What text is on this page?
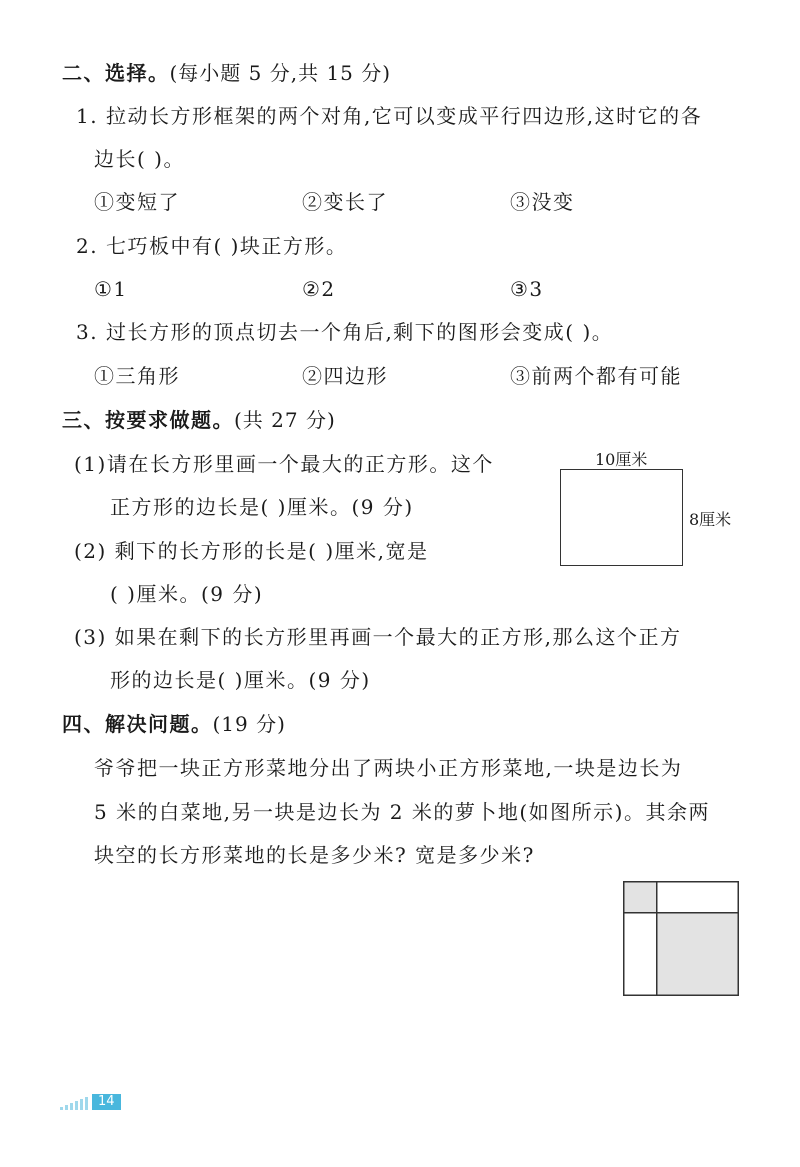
二、选择。(每小题 5 分,共 15 分)
1. 拉动长方形框架的两个对角,它可以变成平行四边形,这时它的各
边长( )。
①变短了	②变长了	③没变
2. 七巧板中有( )块正方形。
①1	②2	③3
3. 过长方形的顶点切去一个角后,剩下的图形会变成( )。
①三角形	②四边形	③前两个都有可能
三、按要求做题。(共 27 分)
(1)请在长方形里画一个最大的正方形。这个
正方形的边长是( )厘米。(9 分)
(2) 剩下的长方形的长是( )厘米,宽是
( )厘米。(9 分)
(3) 如果在剩下的长方形里再画一个最大的正方形,那么这个正方
形的边长是( )厘米。(9 分)
10厘米
8厘米
四、解决问题。(19 分)
爷爷把一块正方形菜地分出了两块小正方形菜地,一块是边长为
5 米的白菜地,另一块是边长为 2 米的萝卜地(如图所示)。其余两
块空的长方形菜地的长是多少米? 宽是多少米?
14
